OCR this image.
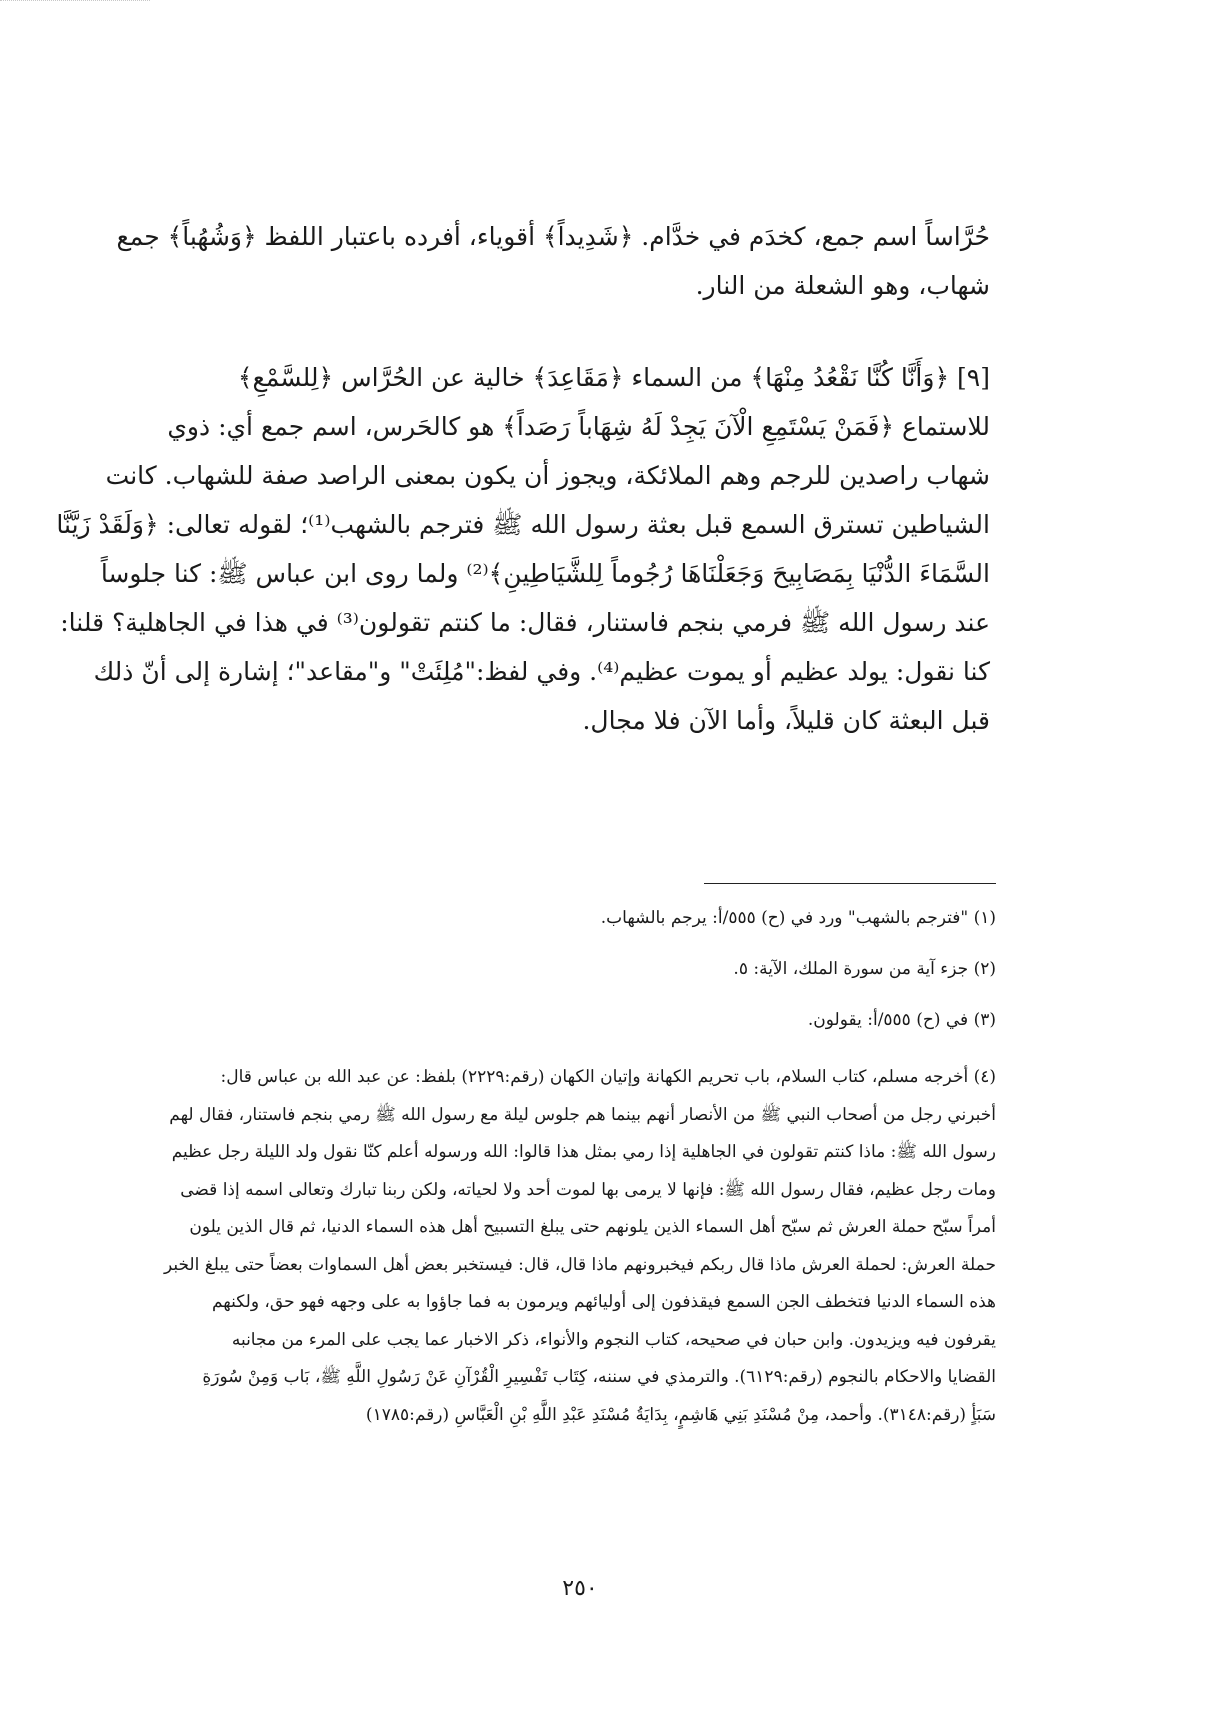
حُرَّاساً اسم جمع، كخدَم في خدَّام. ﴿شَدِيداً﴾ أقوياء، أفرده باعتبار اللفظ ﴿وَشُهُباً﴾ جمع
شهاب، وهو الشعلة من النار.
[٩] ﴿وَأَنَّا كُنَّا نَقْعُدُ مِنْهَا﴾ من السماء ﴿مَقَاعِدَ﴾ خالية عن الحُرَّاس ﴿لِلسَّمْعِ﴾
للاستماع ﴿فَمَنْ يَسْتَمِعِ الْآنَ يَجِدْ لَهُ شِهَاباً رَصَداً﴾ هو كالحَرس، اسم جمع أي: ذوي
شهاب راصدين للرجم وهم الملائكة، ويجوز أن يكون بمعنى الراصد صفة للشهاب. كانت
الشياطين تسترق السمع قبل بعثة رسول الله ﷺ فترجم بالشهب⁽¹⁾؛ لقوله تعالى: ﴿وَلَقَدْ زَيَّنَّا
السَّمَاءَ الدُّنْيَا بِمَصَابِيحَ وَجَعَلْنَاهَا رُجُوماً لِلشَّيَاطِينِ﴾⁽²⁾ ولما روى ابن عباس ﷺ: كنا جلوساً
عند رسول الله ﷺ فرمي بنجم فاستنار، فقال: ما كنتم تقولون⁽³⁾ في هذا في الجاهلية؟ قلنا:
كنا نقول: يولد عظيم أو يموت عظيم⁽⁴⁾. وفي لفظ:"مُلِئَتْ" و"مقاعد"؛ إشارة إلى أنّ ذلك
قبل البعثة كان قليلاً، وأما الآن فلا مجال.
(١) "فترجم بالشهب" ورد في (ح) ٥٥٥/أ: يرجم بالشهاب.
(٢) جزء آية من سورة الملك، الآية: ٥.
(٣) في (ح) ٥٥٥/أ: يقولون.
(٤) أخرجه مسلم، كتاب السلام، باب تحريم الكهانة وإتيان الكهان (رقم:٢٢٢٩) بلفظ: عن عبد الله بن عباس قال:
أخبرني رجل من أصحاب النبي ﷺ من الأنصار أنهم بينما هم جلوس ليلة مع رسول الله ﷺ رمي بنجم فاستنار، فقال لهم
رسول الله ﷺ: ماذا كنتم تقولون في الجاهلية إذا رمي بمثل هذا قالوا: الله ورسوله أعلم كنّا نقول ولد الليلة رجل عظيم
ومات رجل عظيم، فقال رسول الله ﷺ: فإنها لا يرمى بها لموت أحد ولا لحياته، ولكن ربنا تبارك وتعالى اسمه إذا قضى
أمراً سبّح حملة العرش ثم سبّح أهل السماء الذين يلونهم حتى يبلغ التسبيح أهل هذه السماء الدنيا، ثم قال الذين يلون
حملة العرش: لحملة العرش ماذا قال ربكم فيخبرونهم ماذا قال، قال: فيستخبر بعض أهل السماوات بعضاً حتى يبلغ الخبر
هذه السماء الدنيا فتخطف الجن السمع فيقذفون إلى أوليائهم ويرمون به فما جاؤوا به على وجهه فهو حق، ولكنهم
يقرفون فيه ويزيدون. وابن حبان في صحيحه، كتاب النجوم والأنواء، ذكر الاخبار عما يجب على المرء من مجانبه
القضايا والاحكام بالنجوم (رقم:٦١٢٩). والترمذي في سننه، كِتَاب تَفْسِيرِ الْقُرْآنِ عَنْ رَسُولِ اللَّهِ ﷺ، بَاب وَمِنْ سُورَةِ
سَبَأٍ (رقم:٣١٤٨). وأحمد، مِنْ مُسْنَدِ بَنِي هَاشِمٍ، بِدَايَةُ مُسْنَدِ عَبْدِ اللَّهِ بْنِ الْعَبَّاسِ (رقم:١٧٨٥)
٢٥٠
